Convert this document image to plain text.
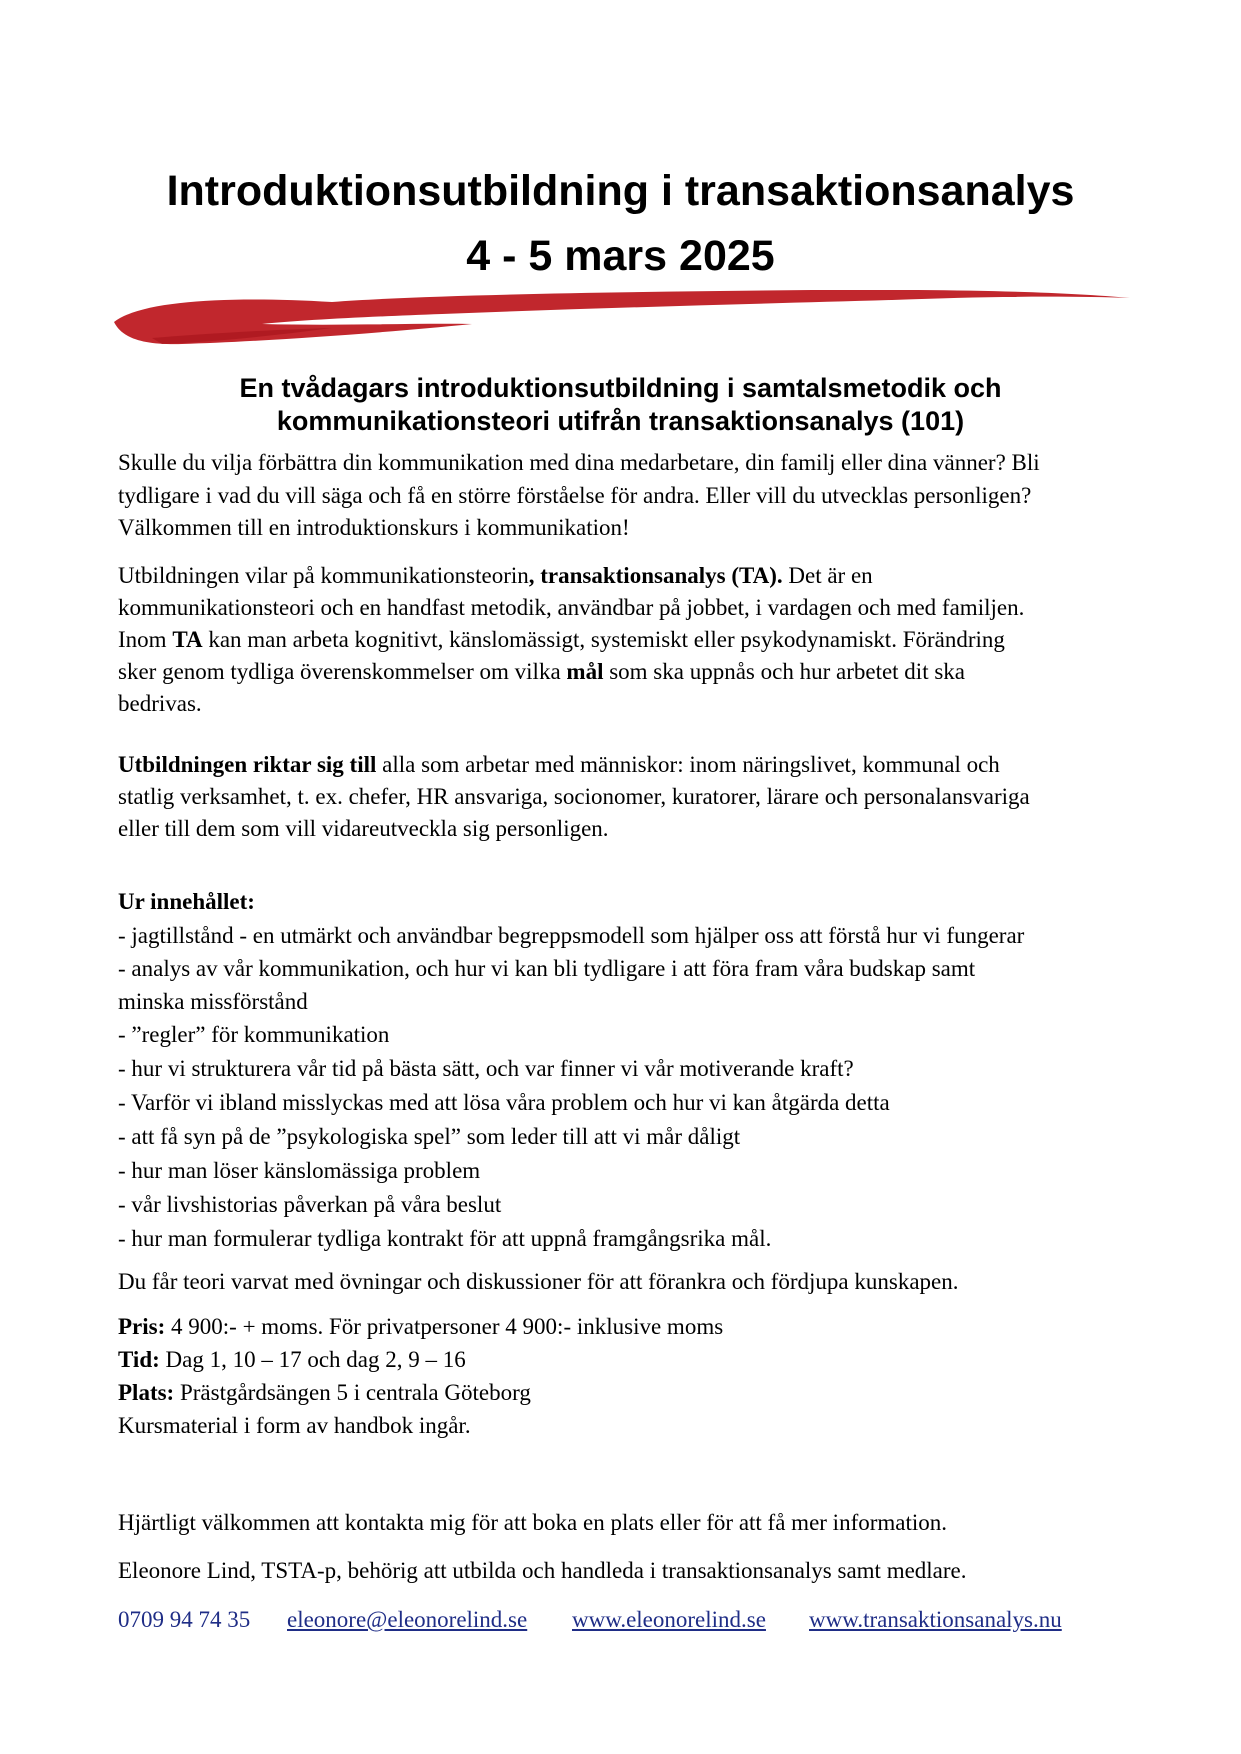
Introduktionsutbildning i transaktionsanalys
4 - 5 mars 2025
En tvådagars introduktionsutbildning i samtalsmetodik och
kommunikationsteori utifrån transaktionsanalys (101)
Skulle du vilja förbättra din kommunikation med dina medarbetare, din familj eller dina vänner? Bli
tydligare i vad du vill säga och få en större förståelse för andra. Eller vill du utvecklas personligen?
Välkommen till en introduktionskurs i kommunikation!
Utbildningen vilar på kommunikationsteorin, transaktionsanalys (TA). Det är en
kommunikationsteori och en handfast metodik, användbar på jobbet, i vardagen och med familjen.
Inom TA kan man arbeta kognitivt, känslomässigt, systemiskt eller psykodynamiskt. Förändring
sker genom tydliga överenskommelser om vilka mål som ska uppnås och hur arbetet dit ska
bedrivas.
Utbildningen riktar sig till alla som arbetar med människor: inom näringslivet, kommunal och
statlig verksamhet, t. ex. chefer, HR ansvariga, socionomer, kuratorer, lärare och personalansvariga
eller till dem som vill vidareutveckla sig personligen.
Ur innehållet:
- jagtillstånd - en utmärkt och användbar begreppsmodell som hjälper oss att förstå hur vi fungerar
- analys av vår kommunikation, och hur vi kan bli tydligare i att föra fram våra budskap samt
minska missförstånd
- ”regler” för kommunikation
- hur vi strukturera vår tid på bästa sätt, och var finner vi vår motiverande kraft?
- Varför vi ibland misslyckas med att lösa våra problem och hur vi kan åtgärda detta
- att få syn på de ”psykologiska spel” som leder till att vi mår dåligt
- hur man löser känslomässiga problem
- vår livshistorias påverkan på våra beslut
- hur man formulerar tydliga kontrakt för att uppnå framgångsrika mål.
Du får teori varvat med övningar och diskussioner för att förankra och fördjupa kunskapen.
Pris: 4 900:- + moms. För privatpersoner 4 900:- inklusive moms
Tid: Dag 1, 10 – 17 och dag 2, 9 – 16
Plats: Prästgårdsängen 5 i centrala Göteborg
Kursmaterial i form av handbok ingår.
Hjärtligt välkommen att kontakta mig för att boka en plats eller för att få mer information.
Eleonore Lind, TSTA-p, behörig att utbilda och handleda i transaktionsanalys samt medlare.
0709 94 74 35 eleonore@eleonorelind.se www.eleonorelind.se www.transaktionsanalys.nu
